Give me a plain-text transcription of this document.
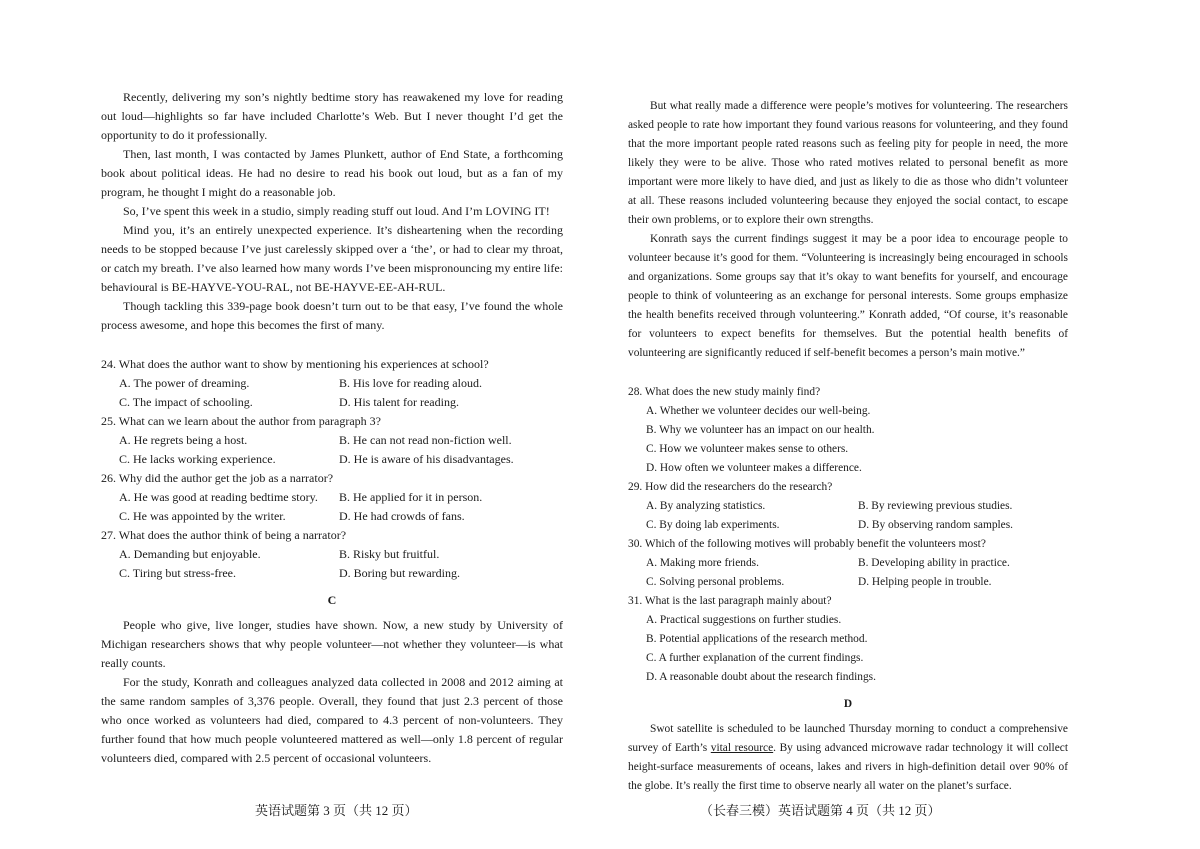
Recently, delivering my son’s nightly bedtime story has reawakened my love for reading out loud—highlights so far have included Charlotte’s Web. But I never thought I’d get the opportunity to do it professionally.

Then, last month, I was contacted by James Plunkett, author of End State, a forthcoming book about political ideas. He had no desire to read his book out loud, but as a fan of my program, he thought I might do a reasonable job.

So, I’ve spent this week in a studio, simply reading stuff out loud. And I’m LOVING IT!

Mind you, it’s an entirely unexpected experience. It’s disheartening when the recording needs to be stopped because I’ve just carelessly skipped over a ‘the’, or had to clear my throat, or catch my breath. I’ve also learned how many words I’ve been mispronouncing my entire life: behavioural is BE-HAYVE-YOU-RAL, not BE-HAYVE-EE-AH-RUL.

Though tackling this 339-page book doesn’t turn out to be that easy, I’ve found the whole process awesome, and hope this becomes the first of many.

24. What does the author want to show by mentioning his experiences at school?
A. The power of dreaming.	B. His love for reading aloud.
C. The impact of schooling.	D. His talent for reading.
25. What can we learn about the author from paragraph 3?
A. He regrets being a host.	B. He can not read non-fiction well.
C. He lacks working experience.	D. He is aware of his disadvantages.
26. Why did the author get the job as a narrator?
A. He was good at reading bedtime story.	B. He applied for it in person.
C. He was appointed by the writer.	D. He had crowds of fans.
27. What does the author think of being a narrator?
A. Demanding but enjoyable.	B. Risky but fruitful.
C. Tiring but stress-free.	D. Boring but rewarding.
C

People who give, live longer, studies have shown. Now, a new study by University of Michigan researchers shows that why people volunteer—not whether they volunteer—is what really counts.

For the study, Konrath and colleagues analyzed data collected in 2008 and 2012 aiming at the same random samples of 3,376 people. Overall, they found that just 2.3 percent of those who once worked as volunteers had died, compared to 4.3 percent of non-volunteers. They further found that how much people volunteered mattered as well—only 1.8 percent of regular volunteers died, compared with 2.5 percent of occasional volunteers.

But what really made a difference were people’s motives for volunteering. The researchers asked people to rate how important they found various reasons for volunteering, and they found that the more important people rated reasons such as feeling pity for people in need, the more likely they were to be alive. Those who rated motives related to personal benefit as more important were more likely to have died, and just as likely to die as those who didn’t volunteer at all. These reasons included volunteering because they enjoyed the social contact, to escape their own problems, or to explore their own strengths.

Konrath says the current findings suggest it may be a poor idea to encourage people to volunteer because it’s good for them. “Volunteering is increasingly being encouraged in schools and organizations. Some groups say that it’s okay to want benefits for yourself, and encourage people to think of volunteering as an exchange for personal interests. Some groups emphasize the health benefits received through volunteering.” Konrath added, “Of course, it’s reasonable for volunteers to expect benefits for themselves. But the potential health benefits of volunteering are significantly reduced if self-benefit becomes a person’s main motive.”

28. What does the new study mainly find?
A. Whether we volunteer decides our well-being.
B. Why we volunteer has an impact on our health.
C. How we volunteer makes sense to others.
D. How often we volunteer makes a difference.
29. How did the researchers do the research?
A. By analyzing statistics.	B. By reviewing previous studies.
C. By doing lab experiments.	D. By observing random samples.
30. Which of the following motives will probably benefit the volunteers most?
A. Making more friends.	B. Developing ability in practice.
C. Solving personal problems.	D. Helping people in trouble.
31. What is the last paragraph mainly about?
A. Practical suggestions on further studies.
B. Potential applications of the research method.
C. A further explanation of the current findings.
D. A reasonable doubt about the research findings.
D

Swot satellite is scheduled to be launched Thursday morning to conduct a comprehensive survey of Earth’s vital resource. By using advanced microwave radar technology it will collect height-surface measurements of oceans, lakes and rivers in high-definition detail over 90% of the globe. It’s really the first time to observe nearly all water on the planet’s surface.

英语试题第 3 页（共 12 页）	（长春三模）英语试题第 4 页（共 12 页）
